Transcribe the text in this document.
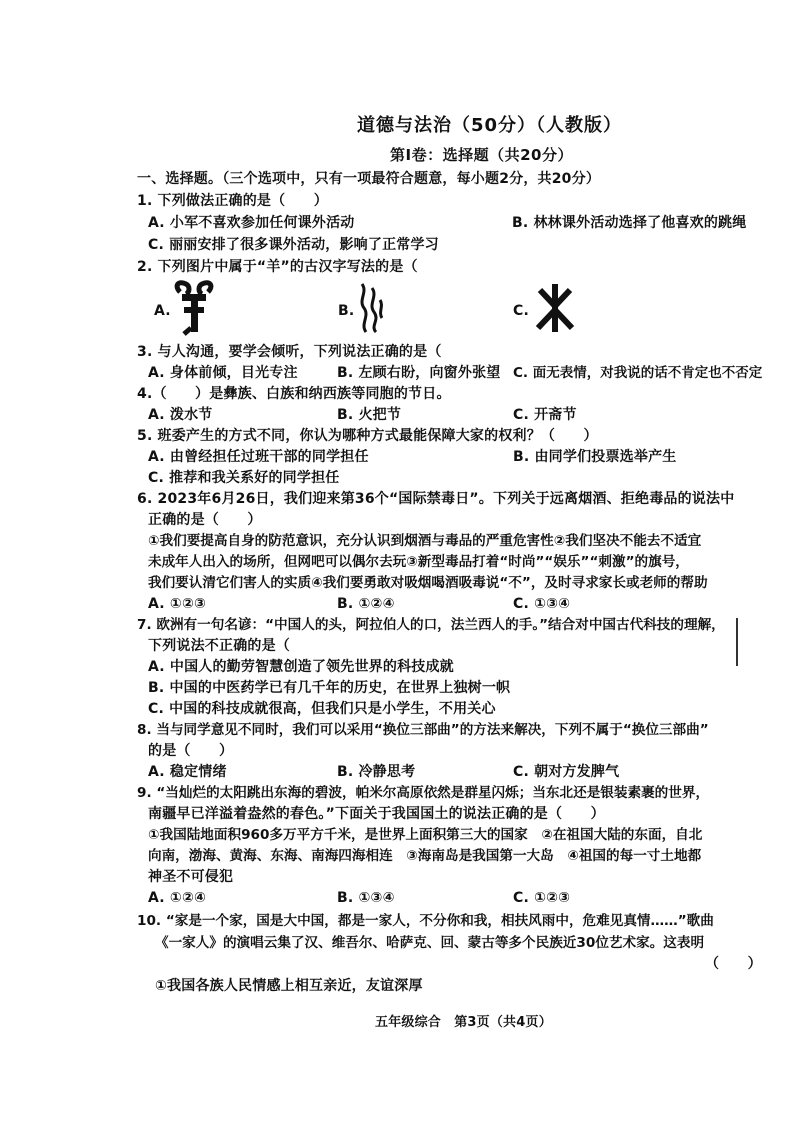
道德与法治（50分）（人教版）
第Ⅰ卷：选择题（共20分）
一、选择题。（三个选项中，只有一项最符合题意，每小题2分，共20分）
1. 下列做法正确的是（　　）
A. 小军不喜欢参加任何课外活动	B. 林林课外活动选择了他喜欢的跳绳
C. 丽丽安排了很多课外活动，影响了正常学习
2. 下列图片中属于“羊”的古汉字写法的是（
A.	B.	C.
3. 与人沟通，要学会倾听，下列说法正确的是（
A. 身体前倾，目光专注	B. 左顾右盼，向窗外张望 C. 面无表情，对我说的话不肯定也不否定
4.（　　）是彝族、白族和纳西族等同胞的节日。
A. 泼水节	B. 火把节	C. 开斋节
5. 班委产生的方式不同，你认为哪种方式最能保障大家的权利？（　　）
A. 由曾经担任过班干部的同学担任	B. 由同学们投票选举产生
C. 推荐和我关系好的同学担任
6. 2023年6月26日，我们迎来第36个“国际禁毒日”。下列关于远离烟酒、拒绝毒品的说法中
正确的是（　　）
①我们要提高自身的防范意识，充分认识到烟酒与毒品的严重危害性②我们坚决不能去不适宜
未成年人出入的场所，但网吧可以偶尔去玩③新型毒品打着“时尚”“娱乐”“刺激”的旗号，
我们要认清它们害人的实质④我们要勇敢对吸烟喝酒吸毒说“不”，及时寻求家长或老师的帮助
A. ①②③	B. ①②④	C. ①③④
7. 欧洲有一句名谚：“中国人的头，阿拉伯人的口，法兰西人的手。”结合对中国古代科技的理解，
下列说法不正确的是（
A. 中国人的勤劳智慧创造了领先世界的科技成就
B. 中国的中医药学已有几千年的历史，在世界上独树一帜
C. 中国的科技成就很高，但我们只是小学生，不用关心
8. 当与同学意见不同时，我们可以采用“换位三部曲”的方法来解决，下列不属于“换位三部曲”
的是（　　）
A. 稳定情绪	B. 冷静思考	C. 朝对方发脾气
9. “当灿烂的太阳跳出东海的碧波，帕米尔高原依然是群星闪烁；当东北还是银装素裹的世界，
南疆早已洋溢着盎然的春色。”下面关于我国国土的说法正确的是（　　）
①我国陆地面积960多万平方千米，是世界上面积第三大的国家　②在祖国大陆的东面，自北
向南，渤海、黄海、东海、南海四海相连　③海南岛是我国第一大岛　④祖国的每一寸土地都
神圣不可侵犯
A. ①②④	B. ①③④	C. ①②③
10. “家是一个家，国是大中国，都是一家人，不分你和我，相扶风雨中，危难见真情……”歌曲
《一家人》的演唱云集了汉、维吾尔、哈萨克、回、蒙古等多个民族近30位艺术家。这表明
（　　）
①我国各族人民情感上相互亲近，友谊深厚
五年级综合　第3页（共4页）
